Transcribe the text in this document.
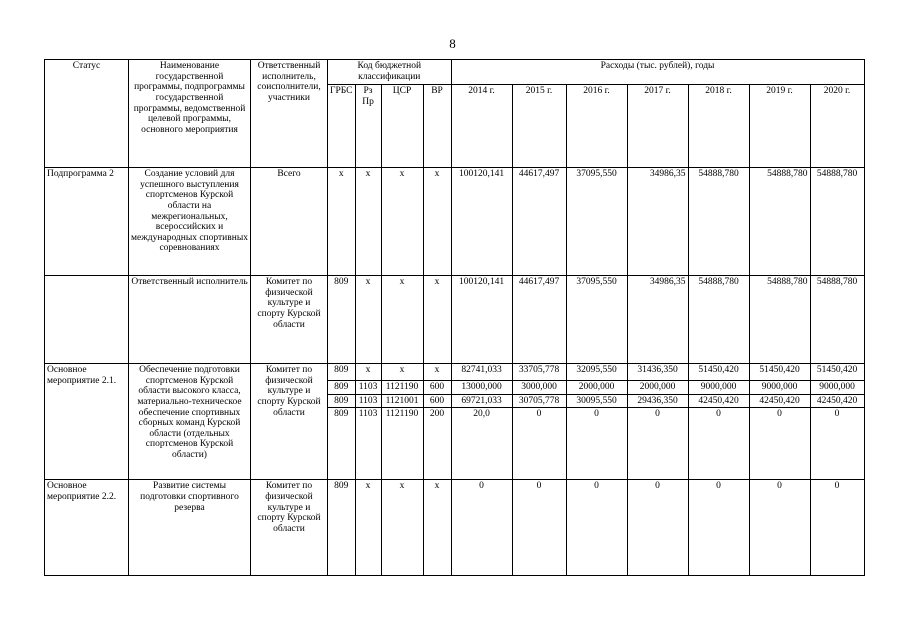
8
Статус	Наименование государственной программы, подпрограммы государственной программы, ведомственной целевой программы, основного мероприятия	Ответственный исполнитель, соисполнители, участники	Код бюджетной классификации				Расходы (тыс. рублей), годы						
			ГРБС	Рз Пр	ЦСР	ВР	2014 г.	2015 г.	2016 г.	2017 г.	2018 г.	2019 г.	2020 г.
Подпрограмма 2	Создание условий для успешного выступления спортсменов Курской области на межрегиональных, всероссийских и международных спортивных соревнованиях	Всего	x	x	x	x	100120,141	44617,497	37095,550	34986,35	54888,780	54888,780	54888,780
	Ответственный исполнитель	Комитет по физической культуре и спорту Курской области	809	x	x	x	100120,141	44617,497	37095,550	34986,35	54888,780	54888,780	54888,780
Основное мероприятие 2.1.	Обеспечение подготовки спортсменов Курской области высокого класса, материально-техническое обеспечение спортивных сборных команд Курской области (отдельных спортсменов Курской области)	Комитет по физической культуре и спорту Курской области	809	x	x	x	82741,033	33705,778	32095,550	31436,350	51450,420	51450,420	51450,420
			809	1103	1121190	600	13000,000	3000,000	2000,000	2000,000	9000,000	9000,000	9000,000
			809	1103	1121001	600	69721,033	30705,778	30095,550	29436,350	42450,420	42450,420	42450,420
			809	1103	1121190	200	20,0	0	0	0	0	0	0
Основное мероприятие 2.2.	Развитие системы подготовки спортивного резерва	Комитет по физической культуре и спорту Курской области	809	x	x	x	0	0	0	0	0	0	0
